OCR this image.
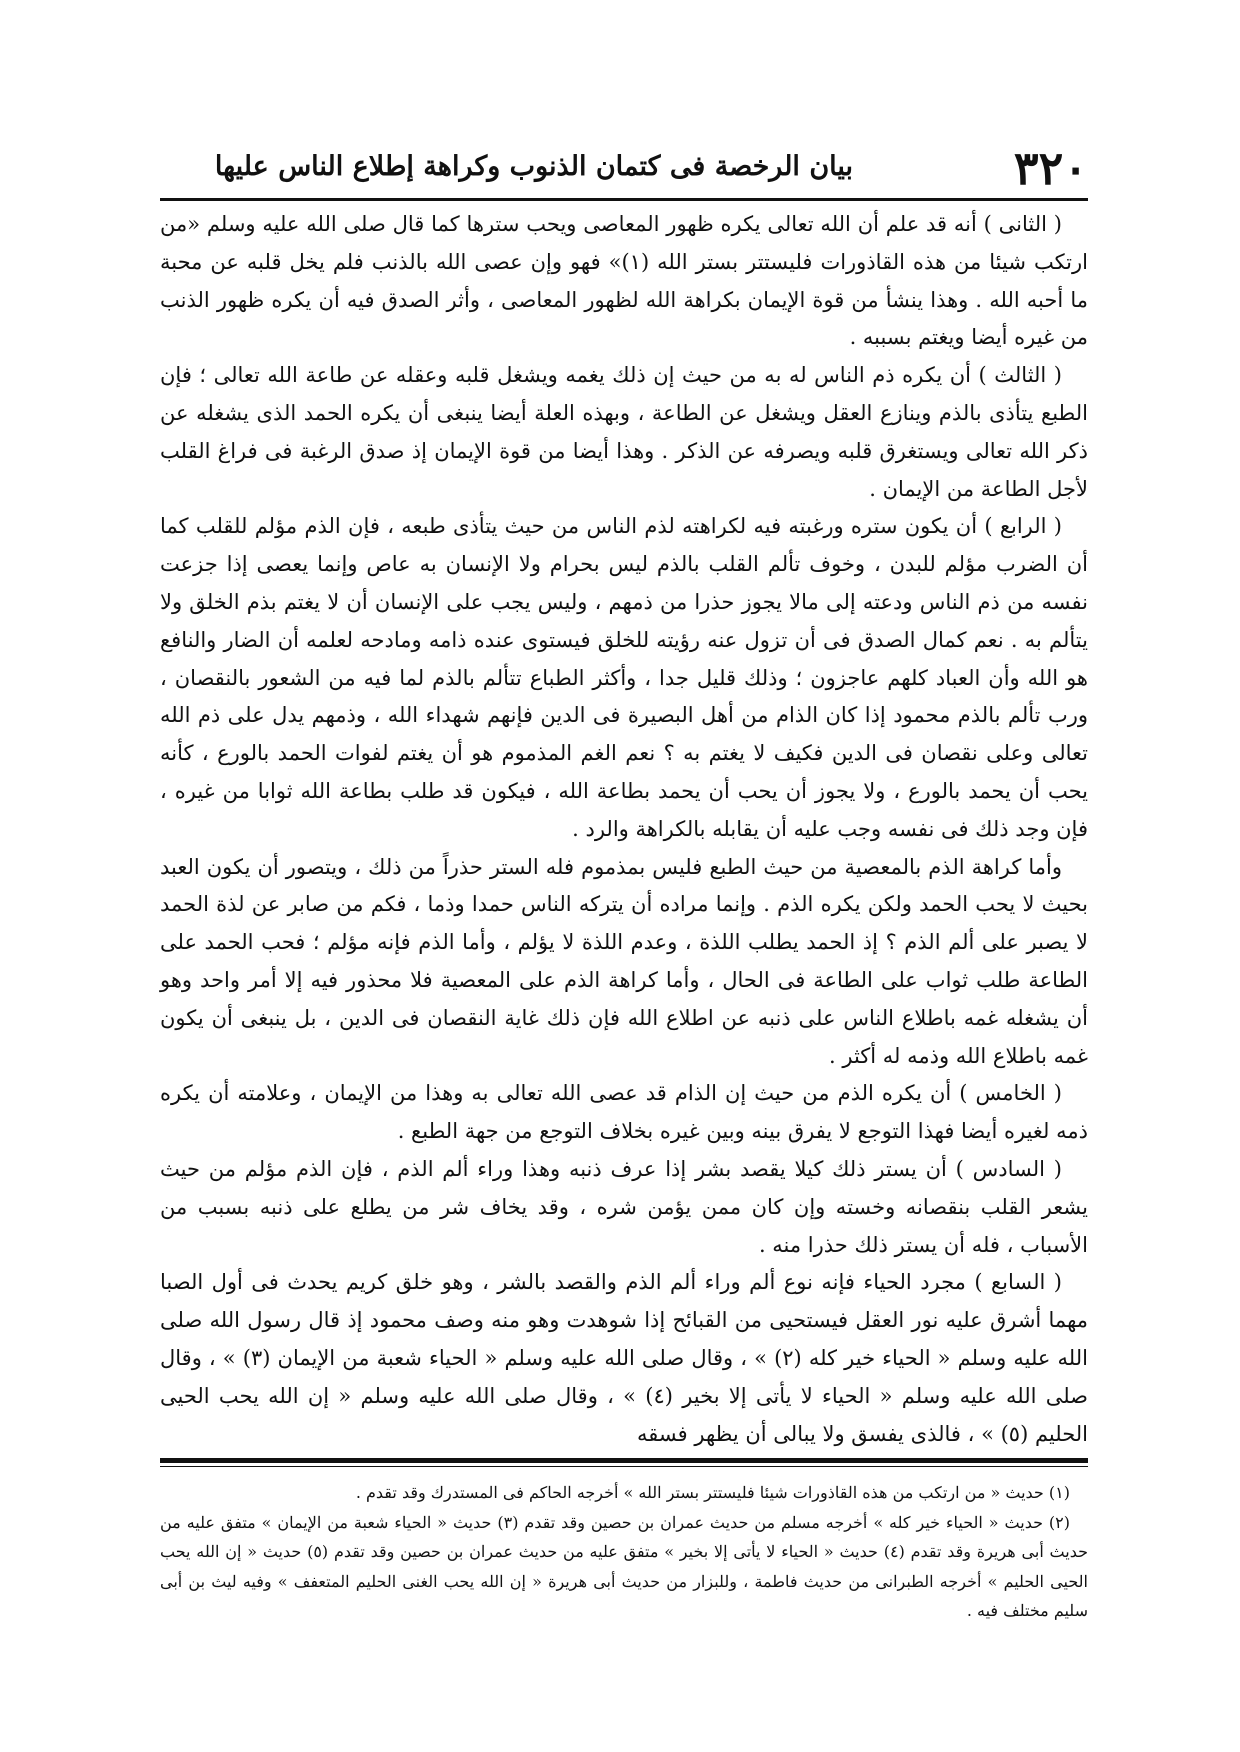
٣٢٠
بيان الرخصة فى كتمان الذنوب وكراهة إطلاع الناس عليها

( الثانى ) أنه قد علم أن الله تعالى يكره ظهور المعاصى ويحب سترها كما قال صلى الله عليه وسلم «من ارتكب شيئا من هذه القاذورات فليستتر بستر الله (١)» فهو وإن عصى الله بالذنب فلم يخل قلبه عن محبة ما أحبه الله . وهذا ينشأ من قوة الإيمان بكراهة الله لظهور المعاصى ، وأثر الصدق فيه أن يكره ظهور الذنب من غيره أيضا ويغتم بسببه .

( الثالث ) أن يكره ذم الناس له به من حيث إن ذلك يغمه ويشغل قلبه وعقله عن طاعة الله تعالى ؛ فإن الطبع يتأذى بالذم وينازع العقل ويشغل عن الطاعة ، وبهذه العلة أيضا ينبغى أن يكره الحمد الذى يشغله عن ذكر الله تعالى ويستغرق قلبه ويصرفه عن الذكر . وهذا أيضا من قوة الإيمان إذ صدق الرغبة فى فراغ القلب لأجل الطاعة من الإيمان .

( الرابع ) أن يكون ستره ورغبته فيه لكراهته لذم الناس من حيث يتأذى طبعه ، فإن الذم مؤلم للقلب كما أن الضرب مؤلم للبدن ، وخوف تألم القلب بالذم ليس بحرام ولا الإنسان به عاص وإنما يعصى إذا جزعت نفسه من ذم الناس ودعته إلى مالا يجوز حذرا من ذمهم ، وليس يجب على الإنسان أن لا يغتم بذم الخلق ولا يتألم به . نعم كمال الصدق فى أن تزول عنه رؤيته للخلق فيستوى عنده ذامه ومادحه لعلمه أن الضار والنافع هو الله وأن العباد كلهم عاجزون ؛ وذلك قليل جدا ، وأكثر الطباع تتألم بالذم لما فيه من الشعور بالنقصان ، ورب تألم بالذم محمود إذا كان الذام من أهل البصيرة فى الدين فإنهم شهداء الله ، وذمهم يدل على ذم الله تعالى وعلى نقصان فى الدين فكيف لا يغتم به ؟ نعم الغم المذموم هو أن يغتم لفوات الحمد بالورع ، كأنه يحب أن يحمد بالورع ، ولا يجوز أن يحب أن يحمد بطاعة الله ، فيكون قد طلب بطاعة الله ثوابا من غيره ، فإن وجد ذلك فى نفسه وجب عليه أن يقابله بالكراهة والرد .

وأما كراهة الذم بالمعصية من حيث الطبع فليس بمذموم فله الستر حذراً من ذلك ، ويتصور أن يكون العبد بحيث لا يحب الحمد ولكن يكره الذم . وإنما مراده أن يتركه الناس حمدا وذما ، فكم من صابر عن لذة الحمد لا يصبر على ألم الذم ؟ إذ الحمد يطلب اللذة ، وعدم اللذة لا يؤلم ، وأما الذم فإنه مؤلم ؛ فحب الحمد على الطاعة طلب ثواب على الطاعة فى الحال ، وأما كراهة الذم على المعصية فلا محذور فيه إلا أمر واحد وهو أن يشغله غمه باطلاع الناس على ذنبه عن اطلاع الله فإن ذلك غاية النقصان فى الدين ، بل ينبغى أن يكون غمه باطلاع الله وذمه له أكثر .

( الخامس ) أن يكره الذم من حيث إن الذام قد عصى الله تعالى به وهذا من الإيمان ، وعلامته أن يكره ذمه لغيره أيضا فهذا التوجع لا يفرق بينه وبين غيره بخلاف التوجع من جهة الطبع .

( السادس ) أن يستر ذلك كيلا يقصد بشر إذا عرف ذنبه وهذا وراء ألم الذم ، فإن الذم مؤلم من حيث يشعر القلب بنقصانه وخسته وإن كان ممن يؤمن شره ، وقد يخاف شر من يطلع على ذنبه بسبب من الأسباب ، فله أن يستر ذلك حذرا منه .

( السابع ) مجرد الحياء فإنه نوع ألم وراء ألم الذم والقصد بالشر ، وهو خلق كريم يحدث فى أول الصبا مهما أشرق عليه نور العقل فيستحيى من القبائح إذا شوهدت وهو منه وصف محمود إذ قال رسول الله صلى الله عليه وسلم « الحياء خير كله (٢) » ، وقال صلى الله عليه وسلم « الحياء شعبة من الإيمان (٣) » ، وقال صلى الله عليه وسلم « الحياء لا يأتى إلا بخير (٤) » ، وقال صلى الله عليه وسلم « إن الله يحب الحيى الحليم (٥) » ، فالذى يفسق ولا يبالى أن يظهر فسقه

(١) حديث « من ارتكب من هذه القاذورات شيئا فليستتر بستر الله » أخرجه الحاكم فى المستدرك وقد تقدم .

(٢) حديث « الحياء خير كله » أخرجه مسلم من حديث عمران بن حصين وقد تقدم (٣) حديث « الحياء شعبة من الإيمان » متفق عليه من حديث أبى هريرة وقد تقدم (٤) حديث « الحياء لا يأتى إلا بخير » متفق عليه من حديث عمران بن حصين وقد تقدم (٥) حديث « إن الله يحب الحيى الحليم » أخرجه الطبرانى من حديث فاطمة ، وللبزار من حديث أبى هريرة « إن الله يحب الغنى الحليم المتعفف » وفيه ليث بن أبى سليم مختلف فيه .
